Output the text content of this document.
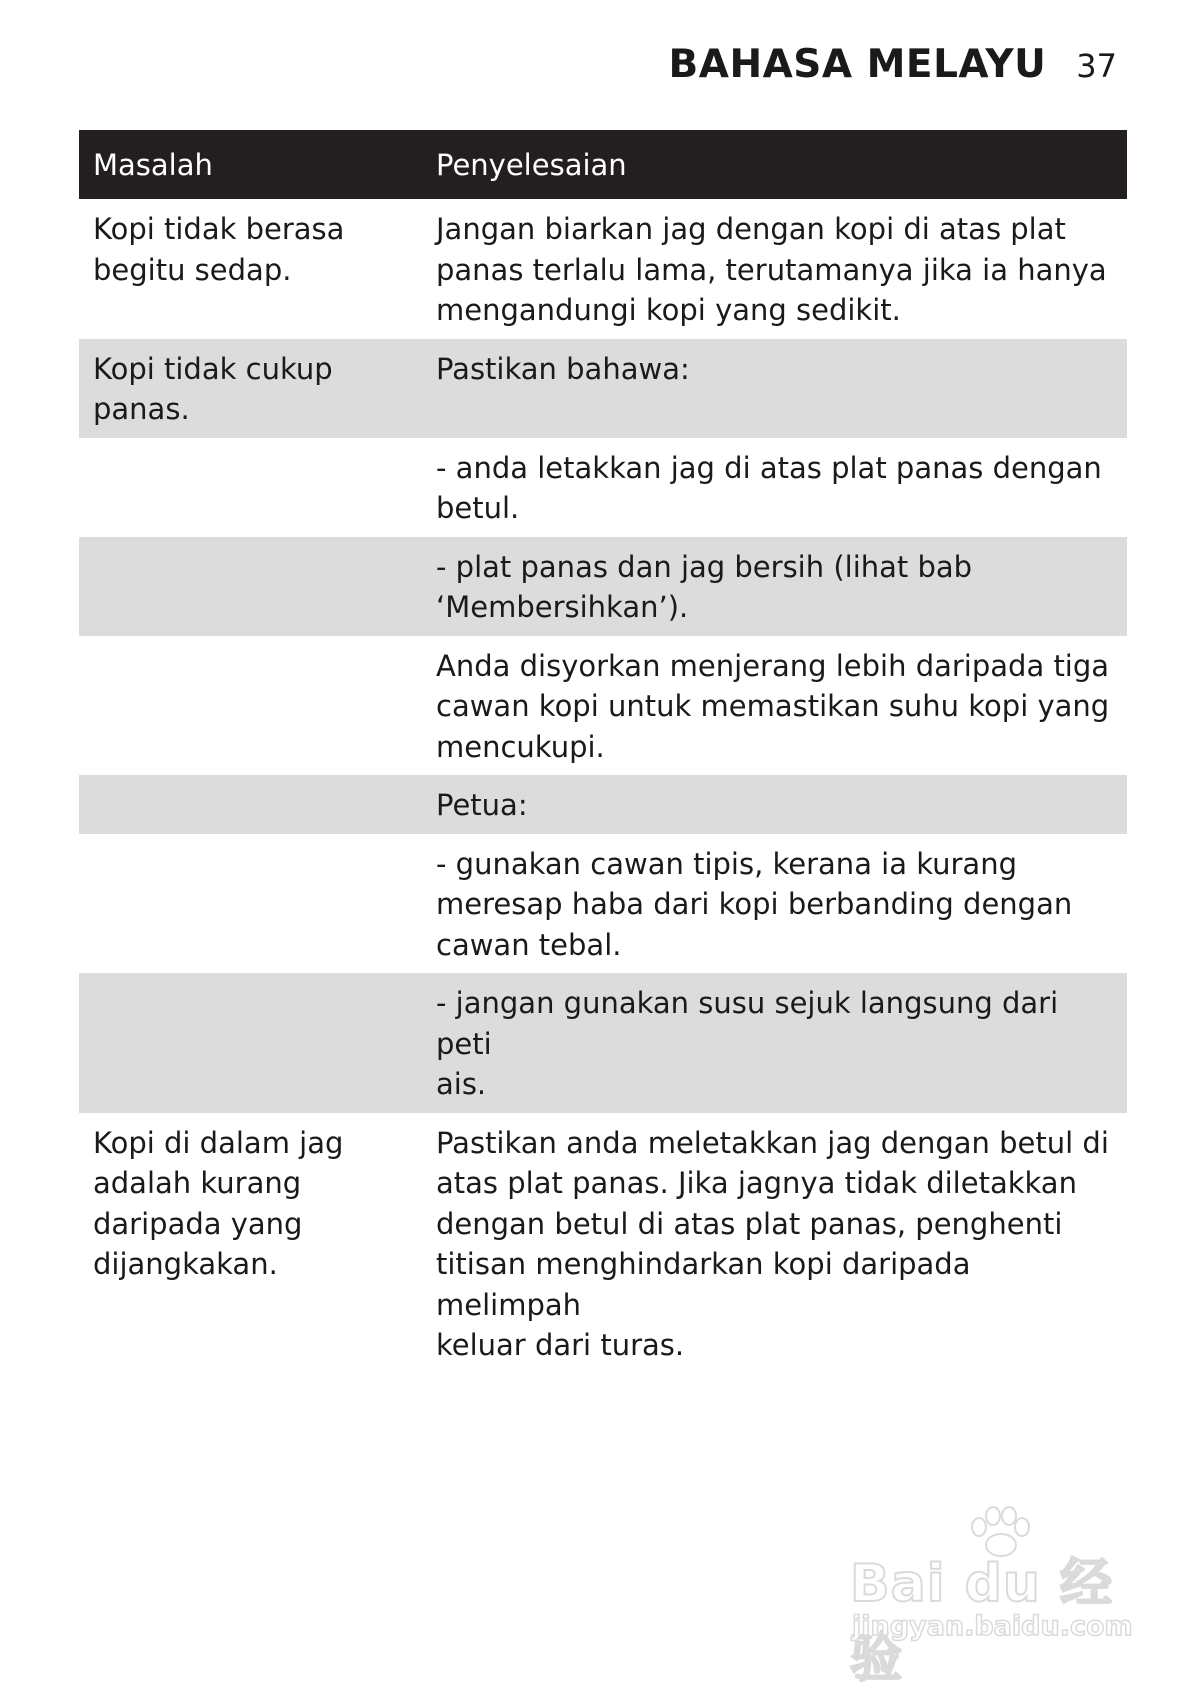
BAHASA MELAYU 37
Masalah	Penyelesaian
Kopi tidak berasa
begitu sedap.
Jangan biarkan jag dengan kopi di atas plat
panas terlalu lama, terutamanya jika ia hanya
mengandungi kopi yang sedikit.
Kopi tidak cukup
panas.
Pastikan bahawa:
- anda letakkan jag di atas plat panas dengan
betul.
- plat panas dan jag bersih (lihat bab
‘Membersihkan’).
Anda disyorkan menjerang lebih daripada tiga
cawan kopi untuk memastikan suhu kopi yang
mencukupi.
Petua:
- gunakan cawan tipis, kerana ia kurang
meresap haba dari kopi berbanding dengan
cawan tebal.
- jangan gunakan susu sejuk langsung dari peti
ais.
Kopi di dalam jag
adalah kurang
daripada yang
dijangkakan.
Pastikan anda meletakkan jag dengan betul di
atas plat panas. Jika jagnya tidak diletakkan
dengan betul di atas plat panas, penghenti
titisan menghindarkan kopi daripada melimpah
keluar dari turas.
Bai du 经验
jingyan.baidu.com
